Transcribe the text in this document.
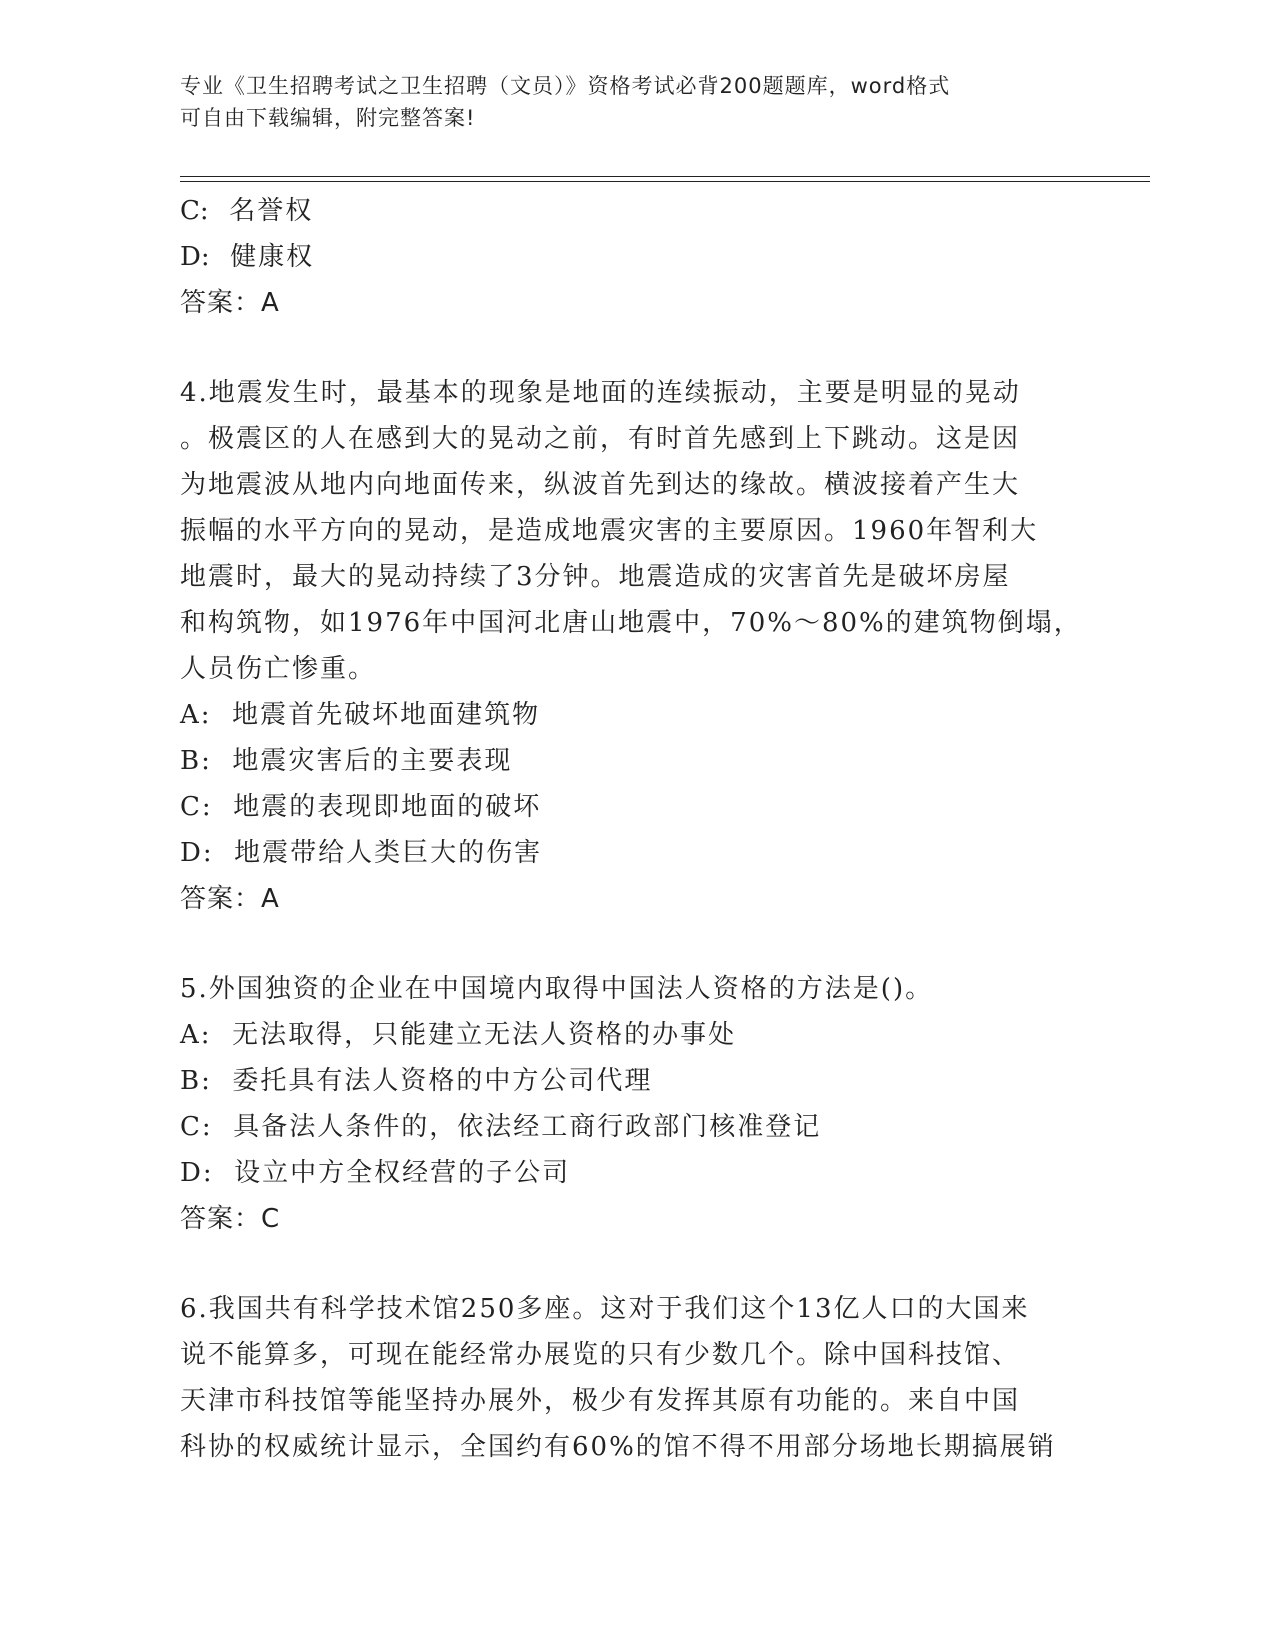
专业《卫生招聘考试之卫生招聘（文员）》资格考试必背200题题库，word格式
可自由下载编辑，附完整答案!
C: 名誉权
D: 健康权
答案：A
4.地震发生时，最基本的现象是地面的连续振动，主要是明显的晃动
。极震区的人在感到大的晃动之前，有时首先感到上下跳动。这是因
为地震波从地内向地面传来，纵波首先到达的缘故。横波接着产生大
振幅的水平方向的晃动，是造成地震灾害的主要原因。1960年智利大
地震时，最大的晃动持续了3分钟。地震造成的灾害首先是破坏房屋
和构筑物，如1976年中国河北唐山地震中，70%～80%的建筑物倒塌，
人员伤亡惨重。
A: 地震首先破坏地面建筑物
B: 地震灾害后的主要表现
C: 地震的表现即地面的破坏
D: 地震带给人类巨大的伤害
答案：A
5.外国独资的企业在中国境内取得中国法人资格的方法是()。
A: 无法取得，只能建立无法人资格的办事处
B: 委托具有法人资格的中方公司代理
C: 具备法人条件的，依法经工商行政部门核准登记
D: 设立中方全权经营的子公司
答案：C
6.我国共有科学技术馆250多座。这对于我们这个13亿人口的大国来
说不能算多，可现在能经常办展览的只有少数几个。除中国科技馆、
天津市科技馆等能坚持办展外，极少有发挥其原有功能的。来自中国
科协的权威统计显示，全国约有60%的馆不得不用部分场地长期搞展销
